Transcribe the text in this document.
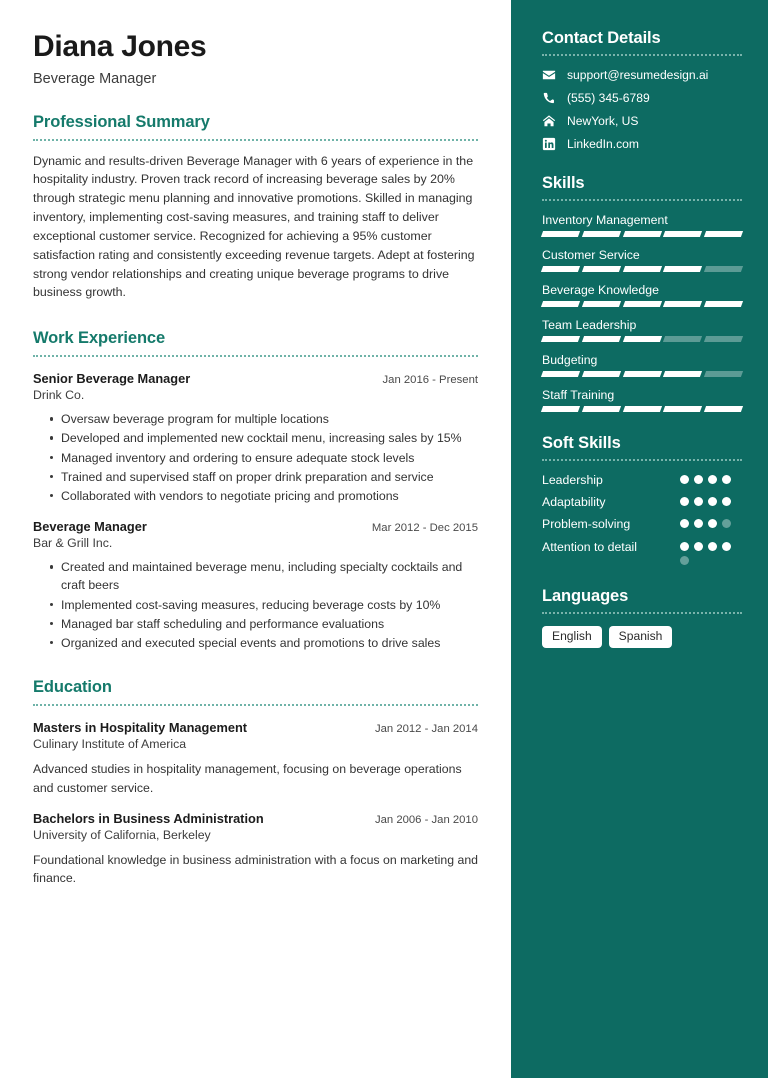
Diana Jones
Beverage Manager
Professional Summary

Dynamic and results-driven Beverage Manager with 6 years of experience in the hospitality industry. Proven track record of increasing beverage sales by 20% through strategic menu planning and innovative promotions. Skilled in managing inventory, implementing cost-saving measures, and training staff to deliver exceptional customer service. Recognized for achieving a 95% customer satisfaction rating and consistently exceeding revenue targets. Adept at fostering strong vendor relationships and creating unique beverage programs to drive business growth.

Work Experience
Senior Beverage Manager	Jan 2016 - Present
Drink Co.
Oversaw beverage program for multiple locations
Developed and implemented new cocktail menu, increasing sales by 15%
Managed inventory and ordering to ensure adequate stock levels
Trained and supervised staff on proper drink preparation and service
Collaborated with vendors to negotiate pricing and promotions
Beverage Manager	Mar 2012 - Dec 2015
Bar & Grill Inc.
Created and maintained beverage menu, including specialty cocktails and craft beers
Implemented cost-saving measures, reducing beverage costs by 10%
Managed bar staff scheduling and performance evaluations
Organized and executed special events and promotions to drive sales
Education
Masters in Hospitality Management	Jan 2012 - Jan 2014
Culinary Institute of America

Advanced studies in hospitality management, focusing on beverage operations and customer service.

Bachelors in Business Administration	Jan 2006 - Jan 2010
University of California, Berkeley

Foundational knowledge in business administration with a focus on marketing and finance.

Contact Details
support@resumedesign.ai
(555) 345-6789
NewYork, US
LinkedIn.com
Skills
Inventory Management
Customer Service
Beverage Knowledge
Team Leadership
Budgeting
Staff Training
Soft Skills
Leadership
Adaptability
Problem-solving
Attention to detail
Languages
English	Spanish
